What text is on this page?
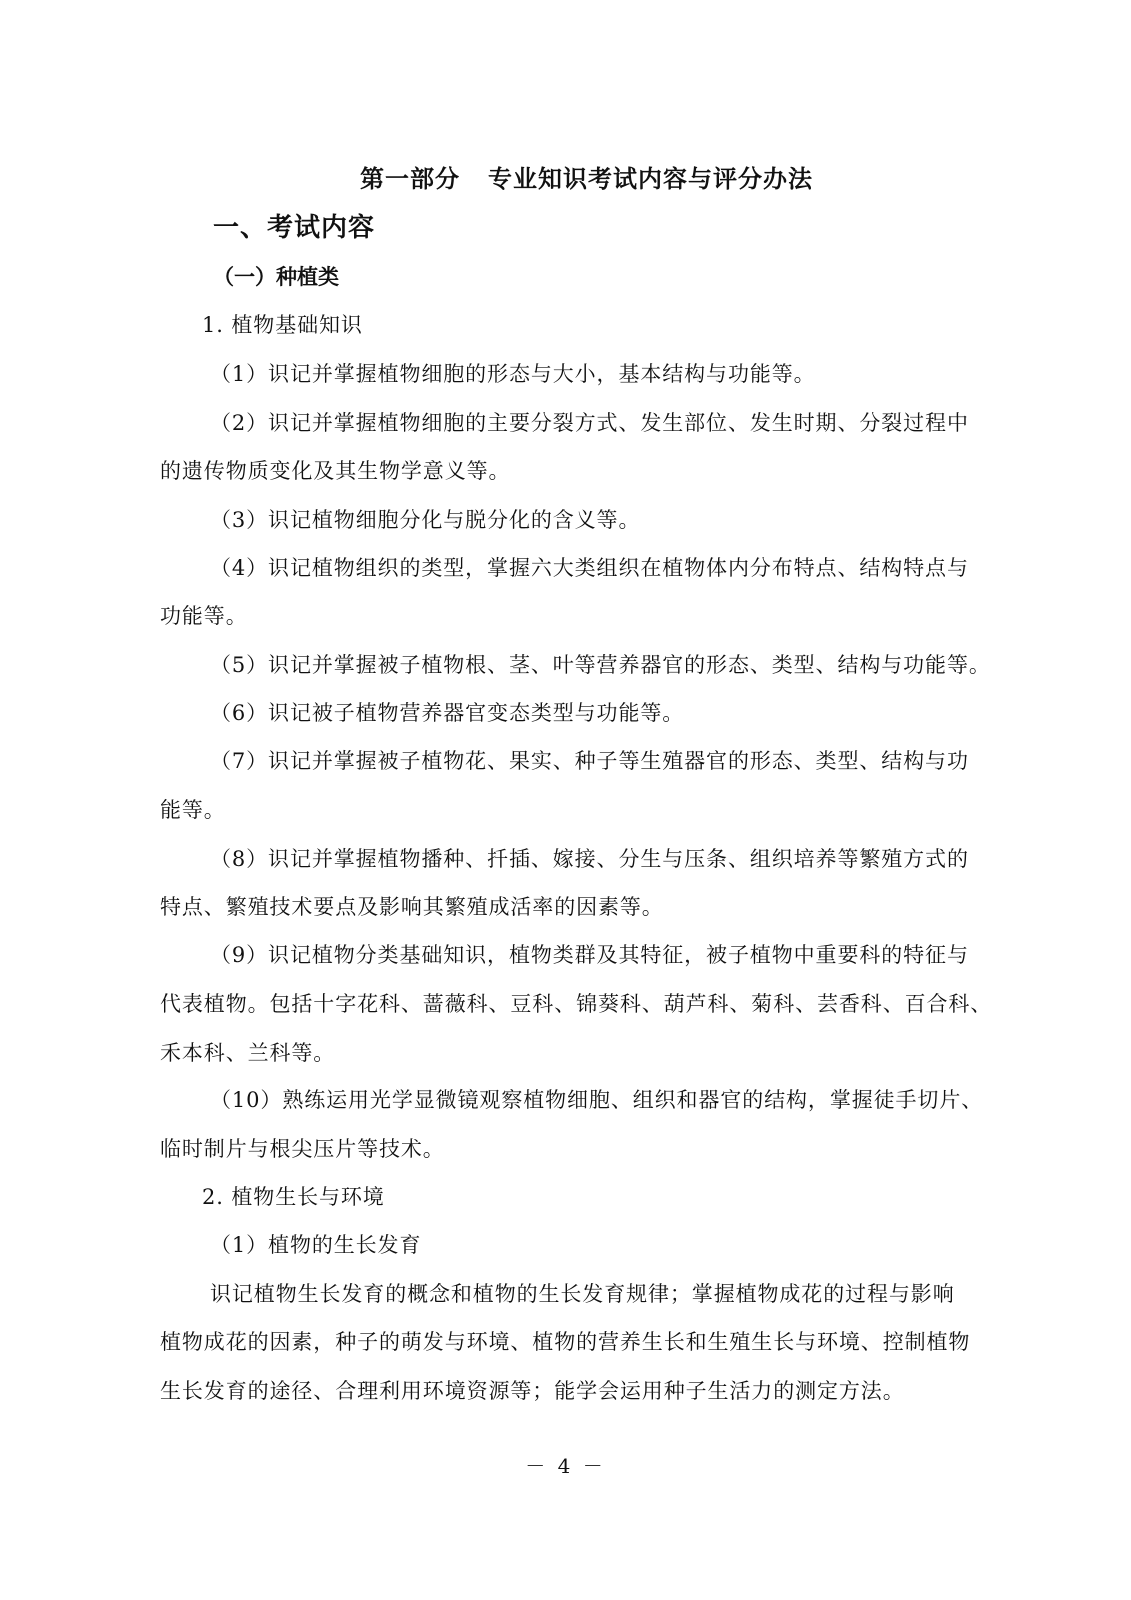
第一部分 专业知识考试内容与评分办法
一、考试内容
（一）种植类

1. 植物基础知识

（1）识记并掌握植物细胞的形态与大小，基本结构与功能等。

（2）识记并掌握植物细胞的主要分裂方式、发生部位、发生时期、分裂过程中

的遗传物质变化及其生物学意义等。

（3）识记植物细胞分化与脱分化的含义等。

（4）识记植物组织的类型，掌握六大类组织在植物体内分布特点、结构特点与

功能等。

（5）识记并掌握被子植物根、茎、叶等营养器官的形态、类型、结构与功能等。

（6）识记被子植物营养器官变态类型与功能等。

（7）识记并掌握被子植物花、果实、种子等生殖器官的形态、类型、结构与功

能等。

（8）识记并掌握植物播种、扦插、嫁接、分生与压条、组织培养等繁殖方式的

特点、繁殖技术要点及影响其繁殖成活率的因素等。

（9）识记植物分类基础知识，植物类群及其特征，被子植物中重要科的特征与

代表植物。包括十字花科、蔷薇科、豆科、锦葵科、葫芦科、菊科、芸香科、百合科、

禾本科、兰科等。

（10）熟练运用光学显微镜观察植物细胞、组织和器官的结构，掌握徒手切片、

临时制片与根尖压片等技术。

2. 植物生长与环境

（1）植物的生长发育

识记植物生长发育的概念和植物的生长发育规律；掌握植物成花的过程与影响

植物成花的因素，种子的萌发与环境、植物的营养生长和生殖生长与环境、控制植物

生长发育的途径、合理利用环境资源等；能学会运用种子生活力的测定方法。

－ 4 －
